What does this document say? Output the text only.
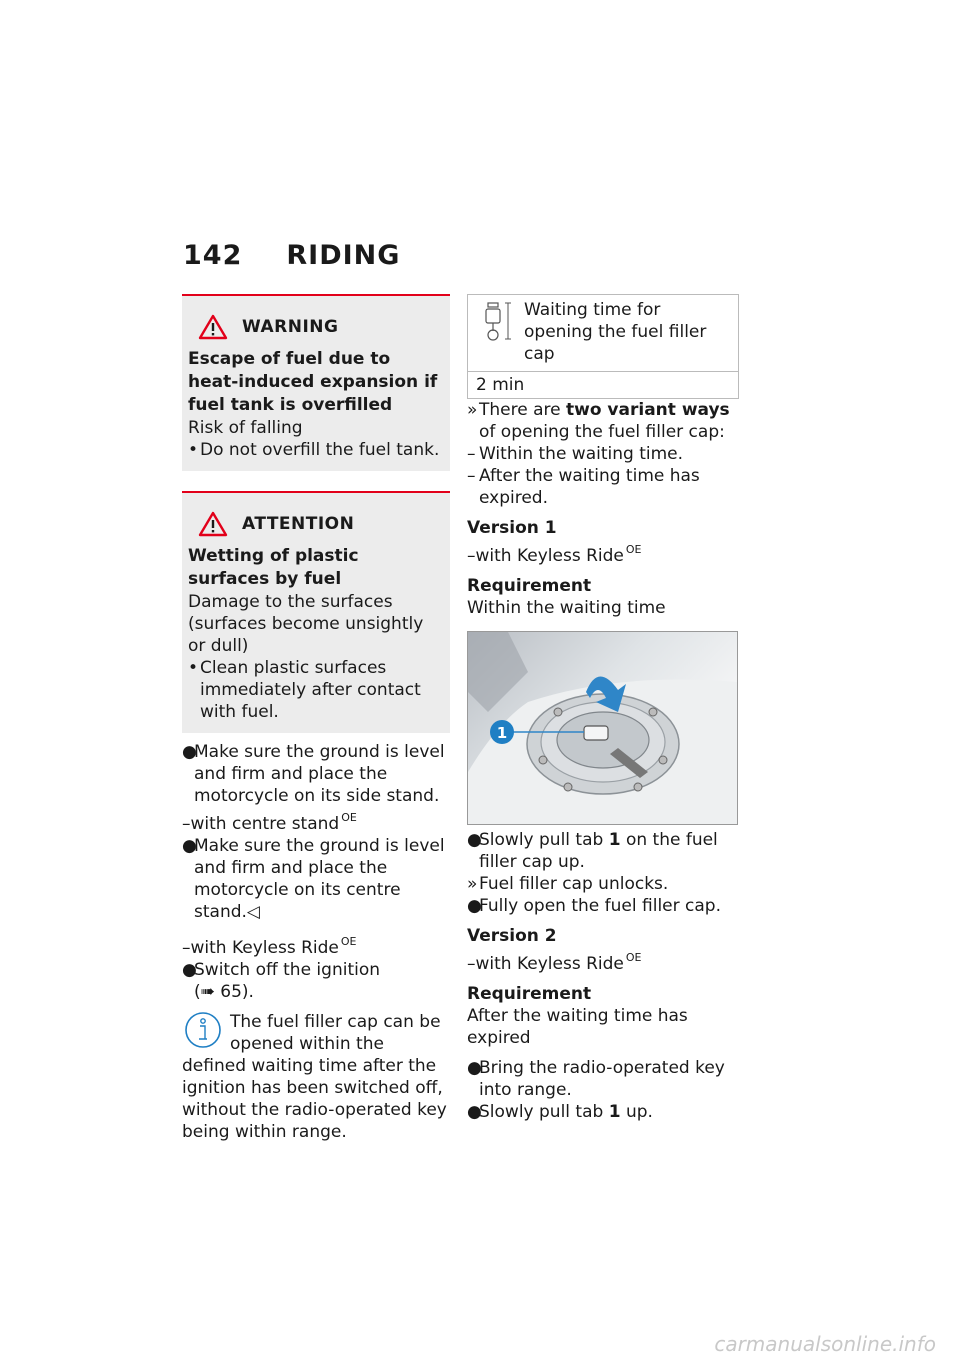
142 RIDING
WARNING
Escape of fuel due to heat-induced expansion if fuel tank is overfilled
Risk of falling
• Do not overfill the fuel tank.
ATTENTION
Wetting of plastic surfaces by fuel
Damage to the surfaces (surfaces become unsightly or dull)
• Clean plastic surfaces immediately after contact with fuel.
●
Make sure the ground is level and firm and place the motorcycle on its side stand.
–with centre stand $^{OE}$
●
Make sure the ground is level and firm and place the motorcycle on its centre stand.◁
–with Keyless Ride $^{OE}$
●
Switch off the ignition
(➠ 65).
The fuel filler cap can be opened within the defined waiting time after the ignition has been switched off, without the radio-operated key being within range.
Waiting time for opening the fuel filler cap
2 min
» There are two variant ways of opening the fuel filler cap:
– Within the waiting time.
– After the waiting time has expired.
Version 1
–with Keyless Ride $^{OE}$
Requirement
Within the waiting time
1
●
Slowly pull tab 1 on the fuel filler cap up.
» Fuel filler cap unlocks.
●
Fully open the fuel filler cap.
Version 2
–with Keyless Ride $^{OE}$
Requirement
After the waiting time has expired
●
Bring the radio-operated key into range.
●
Slowly pull tab 1 up.
carmanualsonline.info
